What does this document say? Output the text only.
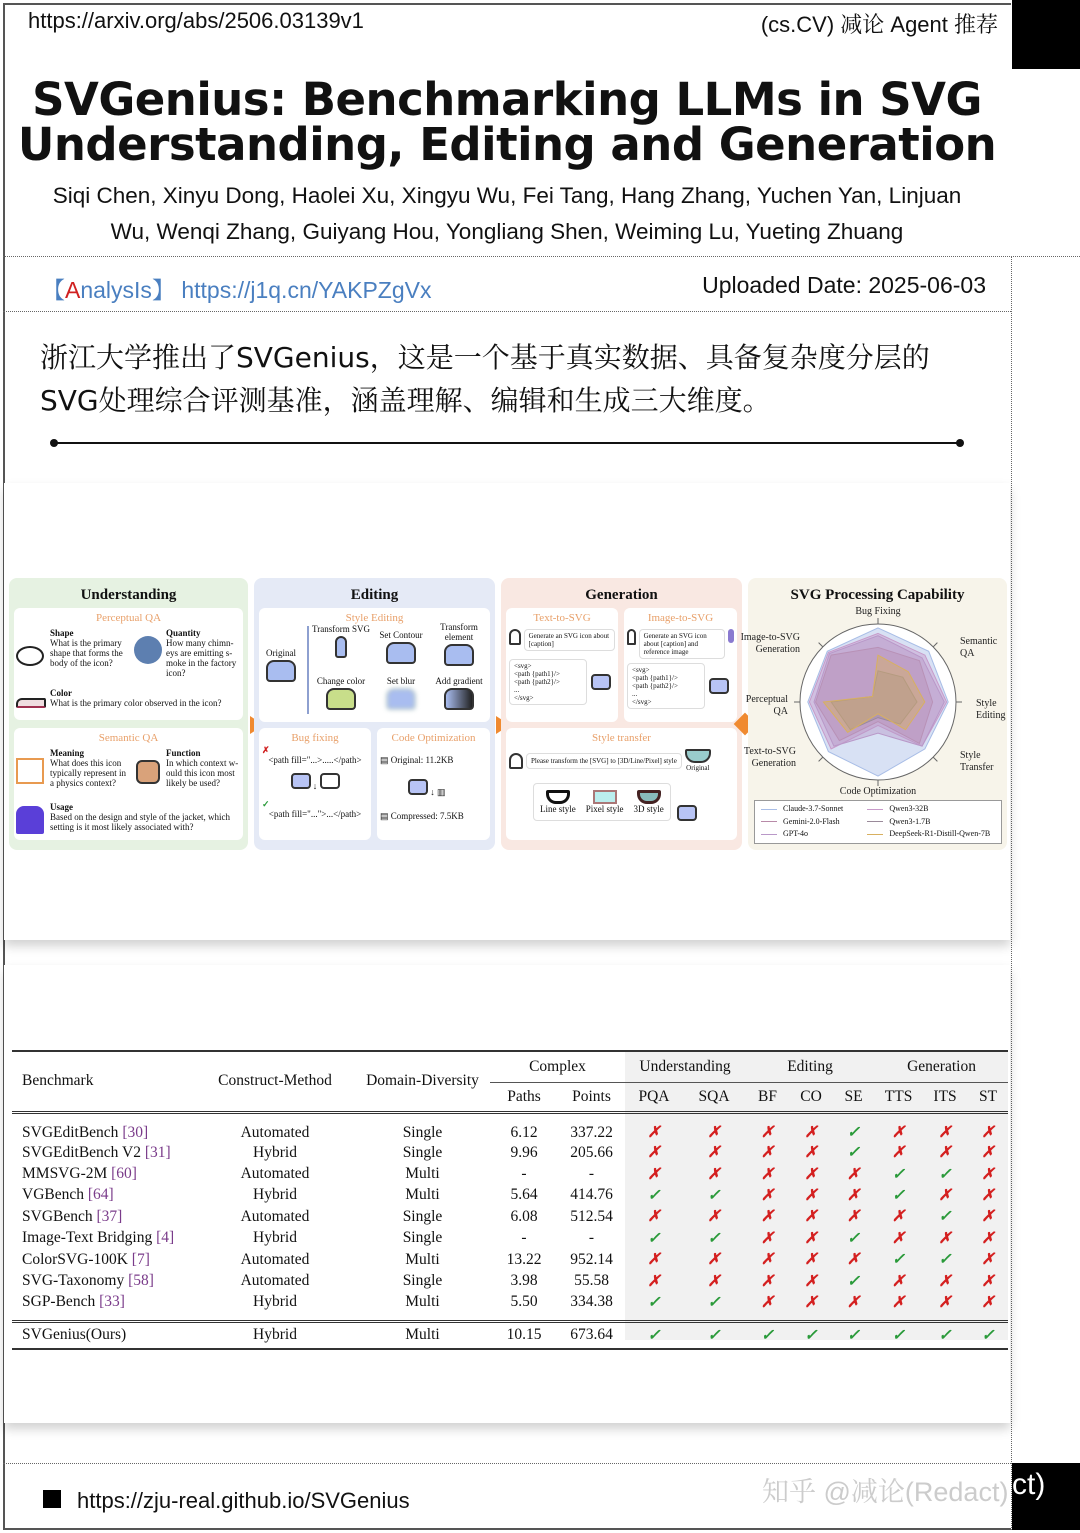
https://arxiv.org/abs/2506.03139v1	(cs.CV) 减论 Agent 推荐
SVGenius: Benchmarking LLMs in SVG
Understanding, Editing and Generation
Siqi Chen, Xinyu Dong, Haolei Xu, Xingyu Wu, Fei Tang, Hang Zhang, Yuchen Yan, Linjuan
Wu, Wenqi Zhang, Guiyang Hou, Yongliang Shen, Weiming Lu, Yueting Zhuang
【AnalysIs】 https://j1q.cn/YAKPZgVx	Uploaded Date: 2025-06-03
浙江大学推出了SVGenius，这是一个基于真实数据、具备复杂度分层的
SVG处理综合评测基准，涵盖理解、编辑和生成三大维度。
Understanding
Perceptual QA
Shape
What is the primary shape that forms the body of the icon?
Quantity
How many chimn-eys are emitting s-moke in the factory icon?
Color
What is the primary color observed in the icon?
Semantic QA
Meaning
What does this icon typically represent in a physics context?
Function
In which context w-ould this icon most likely be used?
Usage
Based on the design and style of the jacket, which setting is it most likely associated with?
Editing
Style Editing
Original
Transform SVG
Set Contour
Transform element
Change color	Set blur	Add gradient
Bug fixing
✗
<path fill="...>.....</path>
↓
✓
<path fill="...">...</path>
Code Optimization
▤ Original: 11.2KB
↓ ▥
▤ Compressed: 7.5KB
Generation
Text-to-SVG
Generate an SVG icon about [caption]
<svg>
<path {path1}/>
<path {path2}/>
...
</svg>
Image-to-SVG
Generate an SVG icon about [caption] and reference image
<svg>
<path {path1}/>
<path {path2}/>
...
</svg>
Style transfer
Please transform the [SVG] to [3D/Line/Pixel] style
Original
Line style Pixel style 3D style
SVG Processing Capability
Bug Fixing
Semantic QA
Style Editing
Style Transfer
Code Optimization
Text-to-SVG Generation
Perceptual QA
Image-to-SVG Generation
Claude-3.7-Sonnet	Qwen3-32B
Gemini-2.0-Flash	Qwen3-1.7B
GPT-4o	DeepSeek-R1-Distill-Qwen-7B
Benchmark	Construct-Method	Domain-Diversity	Complex		Understanding		Editing			Generation		
			Paths	Points	PQA	SQA	BF	CO	SE	TTS	ITS	ST
SVGEditBench [30]	Automated	Single	6.12	337.22	✗	✗	✗	✗	✓	✗	✗	✗
SVGEditBench V2 [31]	Hybrid	Single	9.96	205.66	✗	✗	✗	✗	✓	✗	✗	✗
MMSVG-2M [60]	Automated	Multi	-	-	✗	✗	✗	✗	✗	✓	✓	✗
VGBench [64]	Hybrid	Multi	5.64	414.76	✓	✓	✗	✗	✗	✓	✗	✗
SVGBench [37]	Automated	Single	6.08	512.54	✗	✗	✗	✗	✗	✗	✓	✗
Image-Text Bridging [4]	Hybrid	Single	-	-	✓	✓	✗	✗	✓	✗	✗	✗
ColorSVG-100K [7]	Automated	Multi	13.22	952.14	✗	✗	✗	✗	✗	✓	✓	✗
SVG-Taxonomy [58]	Automated	Single	3.98	55.58	✗	✗	✗	✗	✓	✗	✗	✗
SGP-Bench [33]	Hybrid	Multi	5.50	334.38	✓	✓	✗	✗	✗	✗	✗	✗

SVGenius(Ours)	Hybrid	Multi	10.15	673.64	✓	✓	✓	✓	✓	✓	✓	✓
https://zju-real.github.io/SVGenius	知乎 @减论(Redact) ct)
